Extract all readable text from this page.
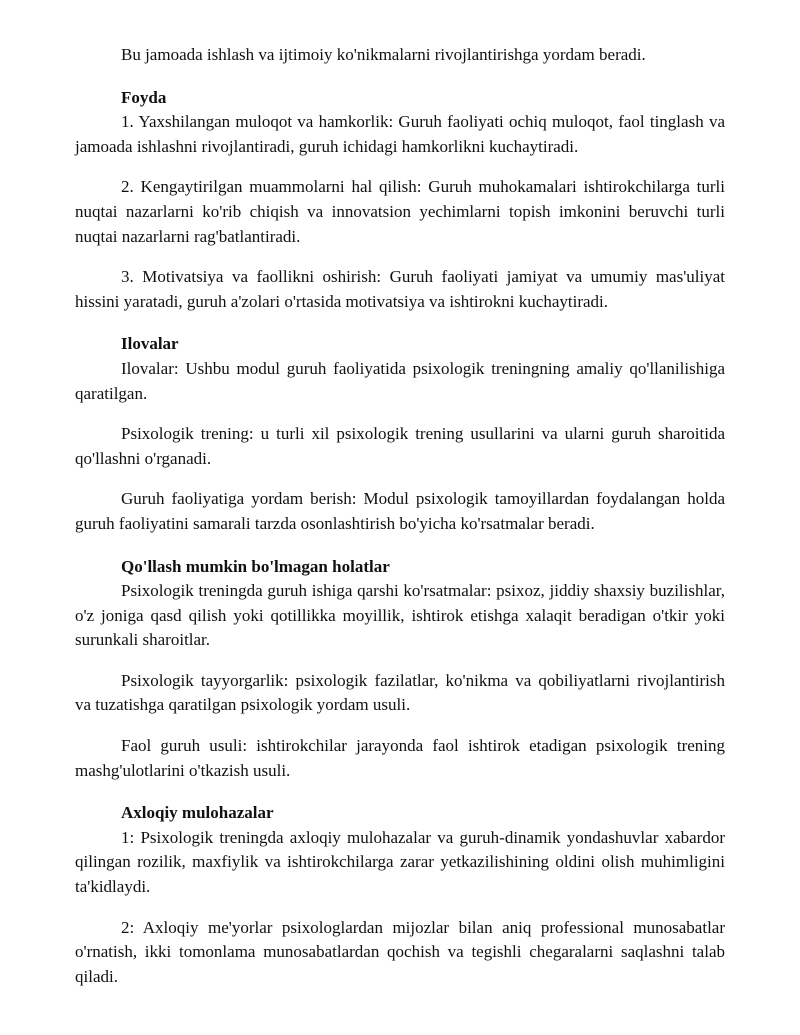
Bu jamoada ishlash va ijtimoiy ko'nikmalarni rivojlantirishga yordam beradi.

Foyda

1. Yaxshilangan muloqot va hamkorlik: Guruh faoliyati ochiq muloqot, faol tinglash va jamoada ishlashni rivojlantiradi, guruh ichidagi hamkorlikni kuchaytiradi.

2. Kengaytirilgan muammolarni hal qilish: Guruh muhokamalari ishtirokchilarga turli nuqtai nazarlarni ko'rib chiqish va innovatsion yechimlarni topish imkonini beruvchi turli nuqtai nazarlarni rag'batlantiradi.

3. Motivatsiya va faollikni oshirish: Guruh faoliyati jamiyat va umumiy mas'uliyat hissini yaratadi, guruh a'zolari o'rtasida motivatsiya va ishtirokni kuchaytiradi.

Ilovalar

Ilovalar: Ushbu modul guruh faoliyatida psixologik treningning amaliy qo'llanilishiga qaratilgan.

Psixologik trening: u turli xil psixologik trening usullarini va ularni guruh sharoitida qo'llashni o'rganadi.

Guruh faoliyatiga yordam berish: Modul psixologik tamoyillardan foydalangan holda guruh faoliyatini samarali tarzda osonlashtirish bo'yicha ko'rsatmalar beradi.

Qo'llash mumkin bo'lmagan holatlar

Psixologik treningda guruh ishiga qarshi ko'rsatmalar: psixoz, jiddiy shaxsiy buzilishlar, o'z joniga qasd qilish yoki qotillikka moyillik, ishtirok etishga xalaqit beradigan o'tkir yoki surunkali sharoitlar.

Psixologik tayyorgarlik: psixologik fazilatlar, ko'nikma va qobiliyatlarni rivojlantirish va tuzatishga qaratilgan psixologik yordam usuli.

Faol guruh usuli: ishtirokchilar jarayonda faol ishtirok etadigan psixologik trening mashg'ulotlarini o'tkazish usuli.

Axloqiy mulohazalar

1: Psixologik treningda axloqiy mulohazalar va guruh-dinamik yondashuvlar xabardor qilingan rozilik, maxfiylik va ishtirokchilarga zarar yetkazilishining oldini olish muhimligini ta'kidlaydi.

2: Axloqiy me'yorlar psixologlardan mijozlar bilan aniq professional munosabatlar o'rnatish, ikki tomonlama munosabatlardan qochish va tegishli chegaralarni saqlashni talab qiladi.
